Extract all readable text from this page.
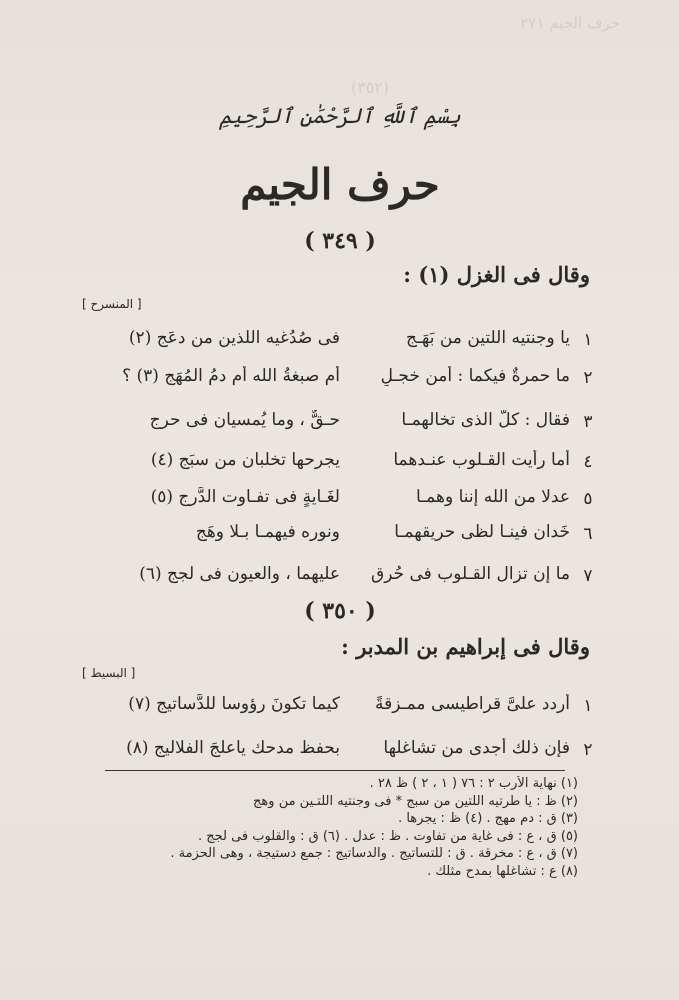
حرف الجيم ٢٧١
(٣٥٢)
بِسْمِ ٱللَّهِ ٱلرَّحْمَٰنِ ٱلرَّحِيمِ
حرف الجيم
( ٣٤٩ )
وقال فى الغزل (١) :
[ المنسرح ]
١
يا وجنتيه اللتين من بَهَـج
فى صُدُغيه اللذين من دعَج (٢)
٢
ما حمرةٌ فيكما : أمن خجـلٍ
أم صبغةُ الله أم دمُ المُهَج (٣) ؟
٣
فقال : كلُّ الذى تخالهمـا
حـقٌّ ، وما يُمسيان فى حرج
٤
أما رأيت القـلوب عنـدهما
يجرحها تخلبان من سبَج (٤)
٥
عدلا من الله إننا وهمـا
لغَـايةٍ فى تفـاوت الدَّرج (٥)
٦
خَدان فينـا لظى حريقهمـا
ونوره فيهمـا بـلا وهَج
٧
ما إن تزال القـلوب فى حُرق
عليهما ، والعيون فى لجج (٦)
( ٣٥٠ )
وقال فى إبراهيم بن المدبر :
[ البسيط ]
١
أَردد علىَّ قراطيسى ممـزقةً
كيما تكونَ رؤوسا للدَّساتيج (٧)
٢
فإن ذلك أجدى من تشاغلها
بحفظ مدحك ياعلجَ الفلاليج (٨)
(١) نهاية الأرب ٢ : ٧٦ ( ١ ، ٢ ) ظ ٢٨ .
(٢) ظ : يا طرتيه اللتين من سبج * فى وجنتيه اللتـين من وهج
(٣) ق : دم مهج . (٤) ظ : يجرها .
(٥) ق ، ع : فى غاية من تفاوت . ظ : عدل . (٦) ق : والقلوب فى لجج .
(٧) ق ، ع : مخرقة . ق : للتساتيج . والدساتيج : جمع دستيجة ، وهى الحزمة .
(٨) ع : تشاغلها بمدح مثلك .
